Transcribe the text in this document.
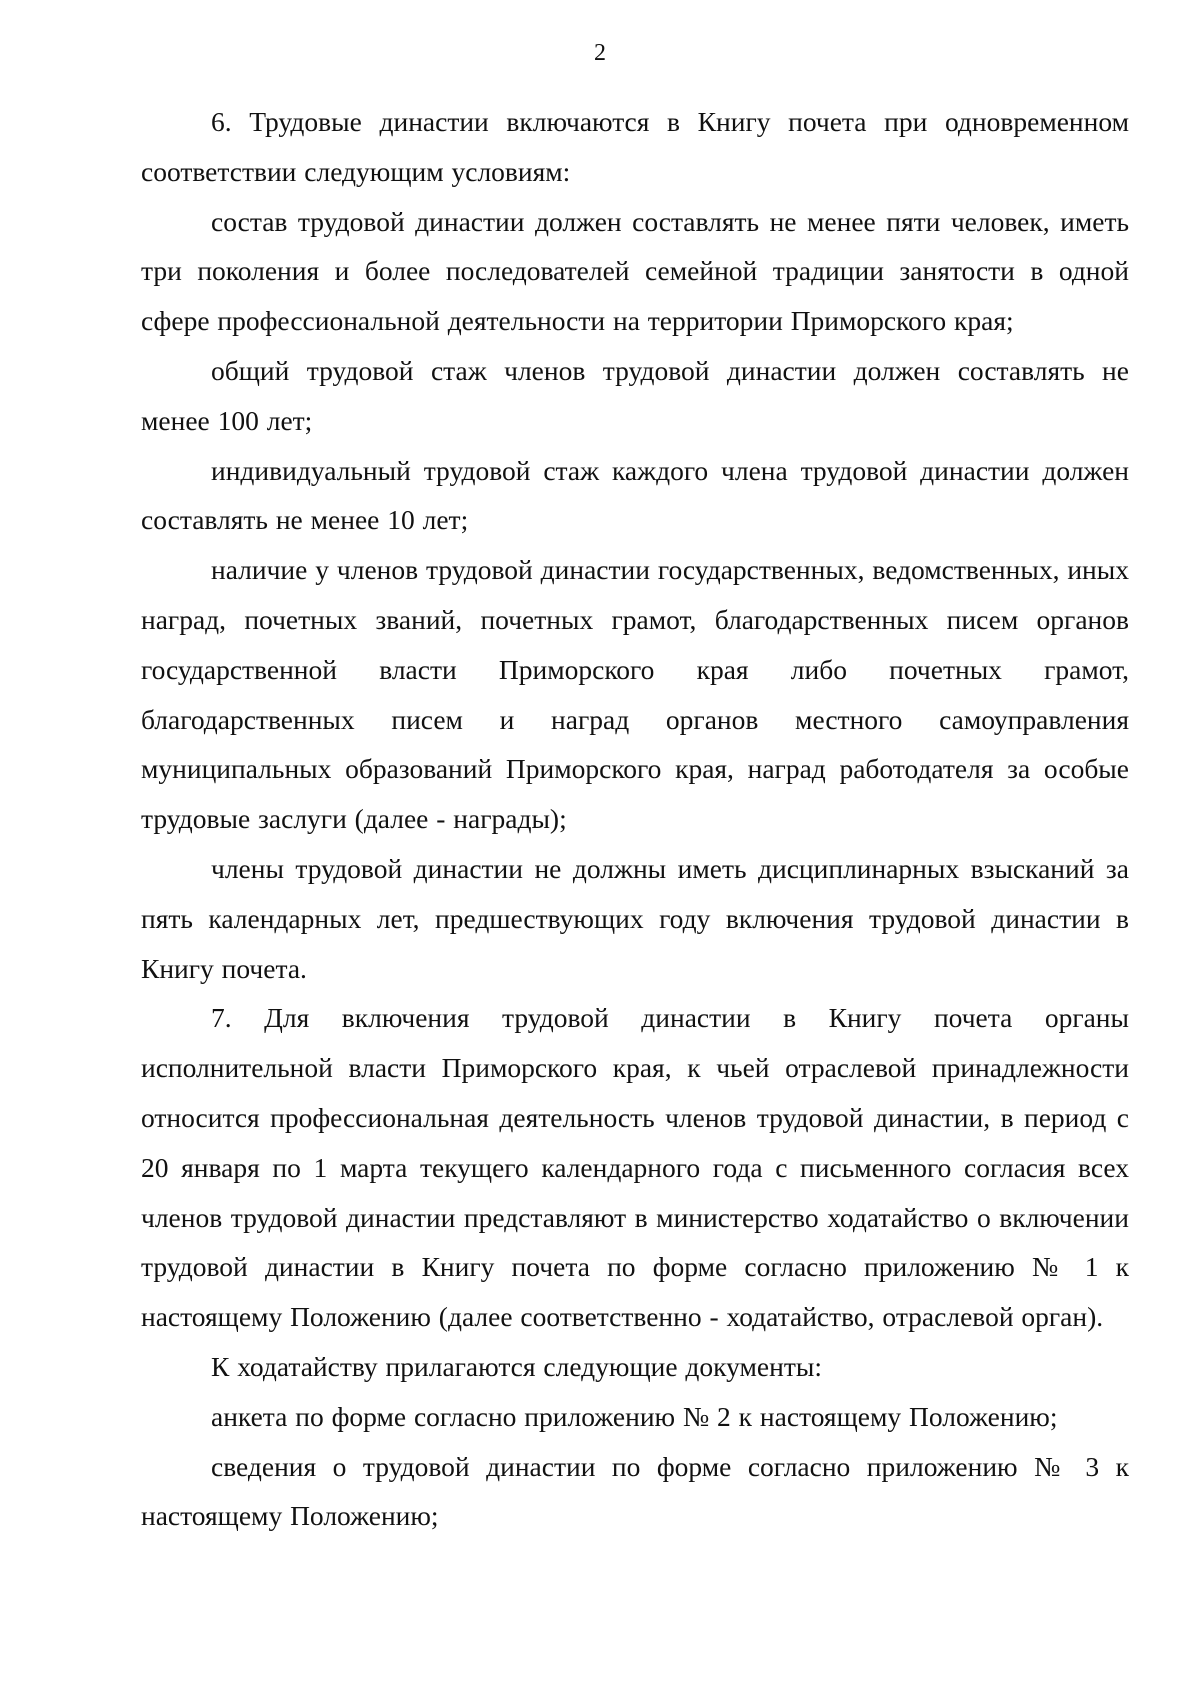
2

6. Трудовые династии включаются в Книгу почета при одновременном соответствии следующим условиям:

состав трудовой династии должен составлять не менее пяти человек, иметь три поколения и более последователей семейной традиции занятости в одной сфере профессиональной деятельности на территории Приморского края;

общий трудовой стаж членов трудовой династии должен составлять не менее 100 лет;

индивидуальный трудовой стаж каждого члена трудовой династии должен составлять не менее 10 лет;

наличие у членов трудовой династии государственных, ведомственных, иных наград, почетных званий, почетных грамот, благодарственных писем органов государственной власти Приморского края либо почетных грамот, благодарственных писем и наград органов местного самоуправления муниципальных образований Приморского края, наград работодателя за особые трудовые заслуги (далее - награды);

члены трудовой династии не должны иметь дисциплинарных взысканий за пять календарных лет, предшествующих году включения трудовой династии в Книгу почета.

7. Для включения трудовой династии в Книгу почета органы исполнительной власти Приморского края, к чьей отраслевой принадлежности относится профессиональная деятельность членов трудовой династии, в период с 20 января по 1 марта текущего календарного года с письменного согласия всех членов трудовой династии представляют в министерство ходатайство о включении трудовой династии в Книгу почета по форме согласно приложению № 1 к настоящему Положению (далее соответственно - ходатайство, отраслевой орган).

К ходатайству прилагаются следующие документы:

анкета по форме согласно приложению № 2 к настоящему Положению;

сведения о трудовой династии по форме согласно приложению № 3 к настоящему Положению;
